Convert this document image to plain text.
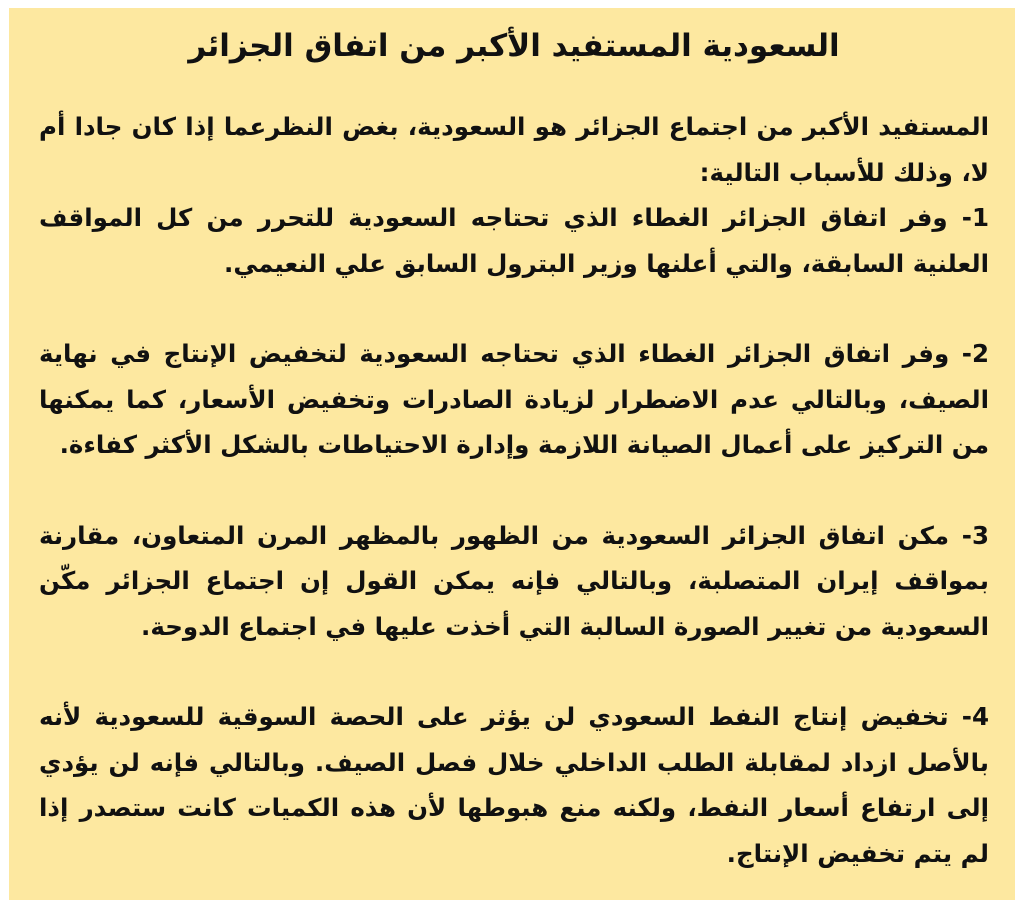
السعودية المستفيد الأكبر من اتفاق الجزائر

المستفيد الأكبر من اجتماع الجزائر هو السعودية، بغض النظرعما إذا كان جادا أم لا، وذلك للأسباب التالية:

1- وفر اتفاق الجزائر الغطاء الذي تحتاجه السعودية للتحرر من كل المواقف العلنية السابقة، والتي أعلنها وزير البترول السابق علي النعيمي.

2- وفر اتفاق الجزائر الغطاء الذي تحتاجه السعودية لتخفيض الإنتاج في نهاية الصيف، وبالتالي عدم الاضطرار لزيادة الصادرات وتخفيض الأسعار، كما يمكنها من التركيز على أعمال الصيانة اللازمة وإدارة الاحتياطات بالشكل الأكثر كفاءة.

3- مكن اتفاق الجزائر السعودية من الظهور بالمظهر المرن المتعاون، مقارنة بمواقف إيران المتصلبة، وبالتالي فإنه يمكن القول إن اجتماع الجزائر مكّن السعودية من تغيير الصورة السالبة التي أخذت عليها في اجتماع الدوحة.

4- تخفيض إنتاج النفط السعودي لن يؤثر على الحصة السوقية للسعودية لأنه بالأصل ازداد لمقابلة الطلب الداخلي خلال فصل الصيف. وبالتالي فإنه لن يؤدي إلى ارتفاع أسعار النفط، ولكنه منع هبوطها لأن هذه الكميات كانت ستصدر إذا لم يتم تخفيض الإنتاج.
